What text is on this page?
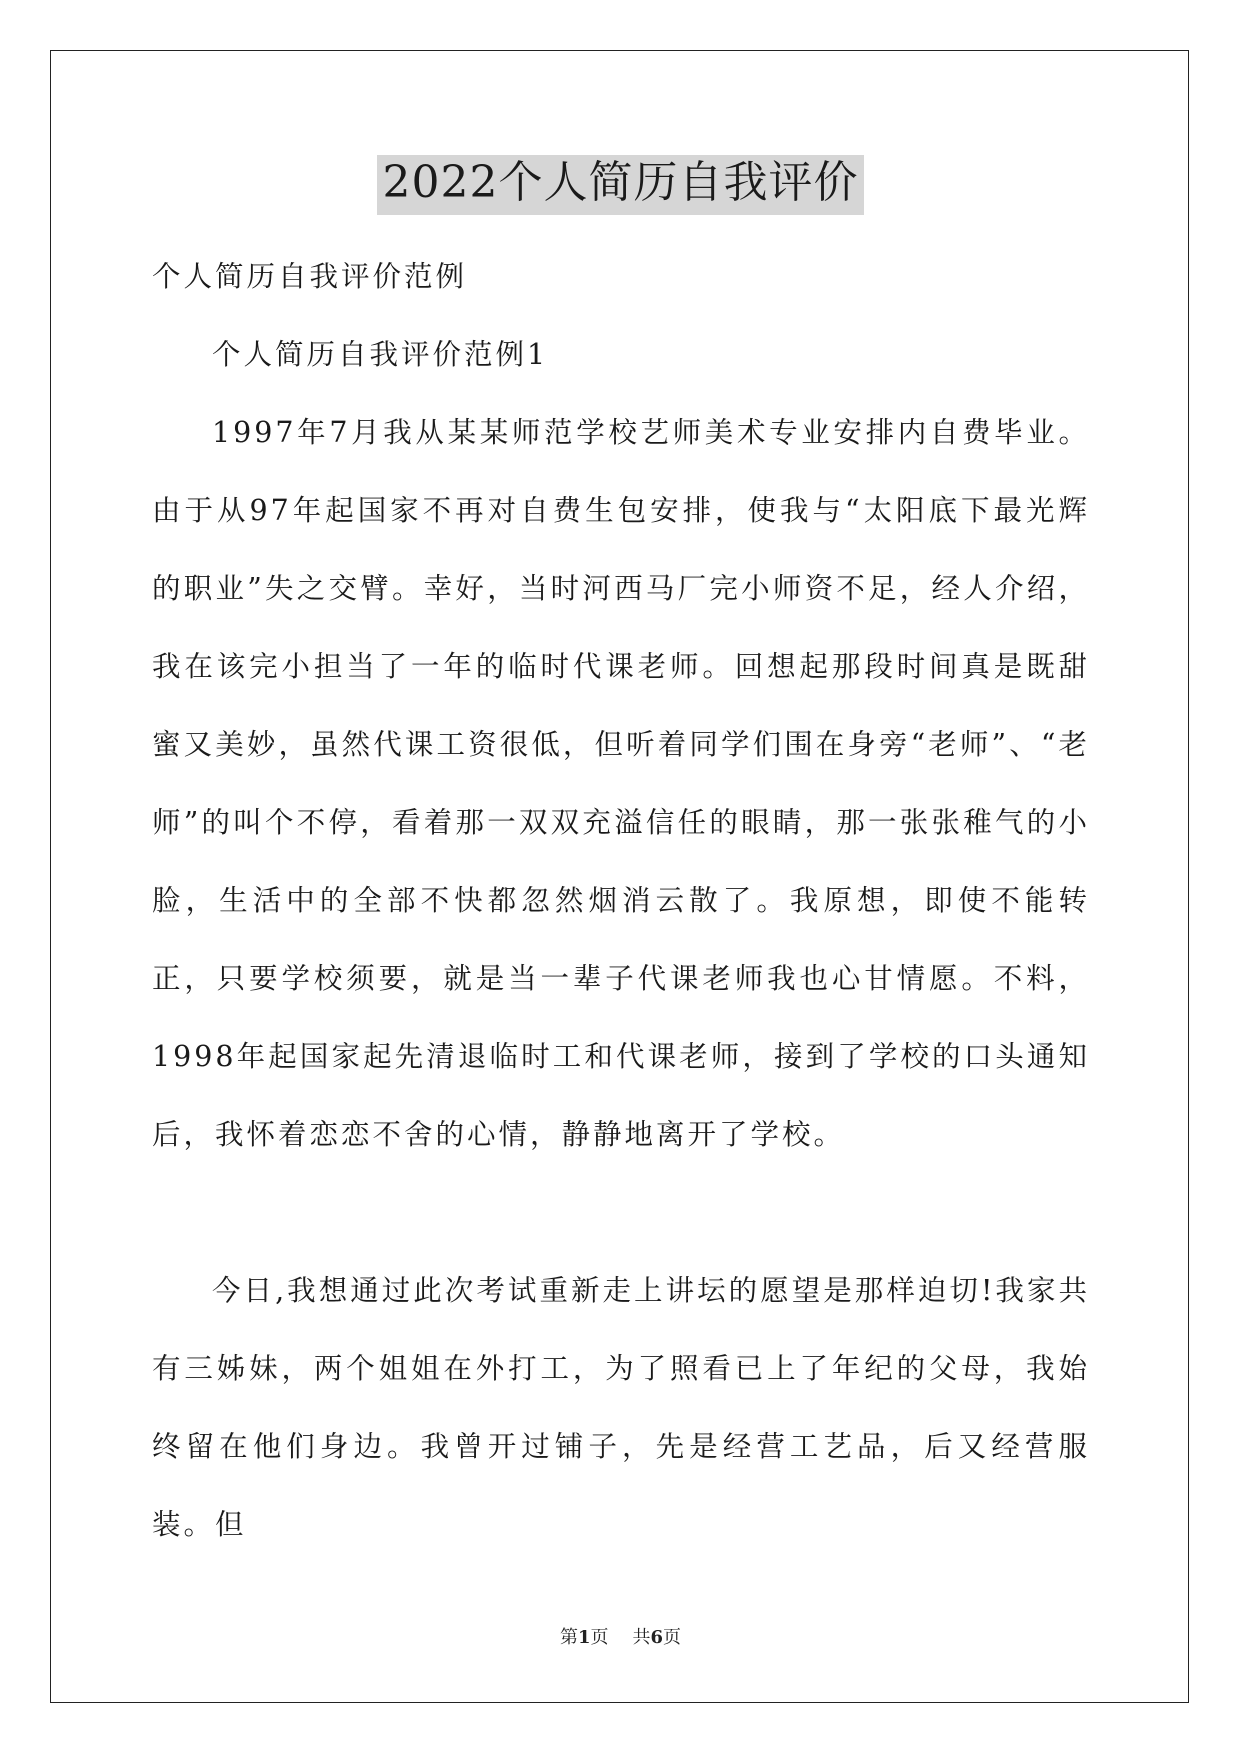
2022个人简历自我评价

个人简历自我评价范例

个人简历自我评价范例1

1997年7月我从某某师范学校艺师美术专业安排内自费毕业。由于从97年起国家不再对自费生包安排，使我与“太阳底下最光辉的职业”失之交臂。幸好，当时河西马厂完小师资不足，经人介绍，我在该完小担当了一年的临时代课老师。回想起那段时间真是既甜蜜又美妙，虽然代课工资很低，但听着同学们围在身旁“老师”、“老师”的叫个不停，看着那一双双充溢信任的眼睛，那一张张稚气的小脸，生活中的全部不快都忽然烟消云散了。我原想，即使不能转正，只要学校须要，就是当一辈子代课老师我也心甘情愿。不料，1998年起国家起先清退临时工和代课老师，接到了学校的口头通知后，我怀着恋恋不舍的心情，静静地离开了学校。

今日,我想通过此次考试重新走上讲坛的愿望是那样迫切!我家共有三姊妹，两个姐姐在外打工，为了照看已上了年纪的父母，我始终留在他们身边。我曾开过铺子，先是经营工艺品，后又经营服装。但

第1页 共6页
